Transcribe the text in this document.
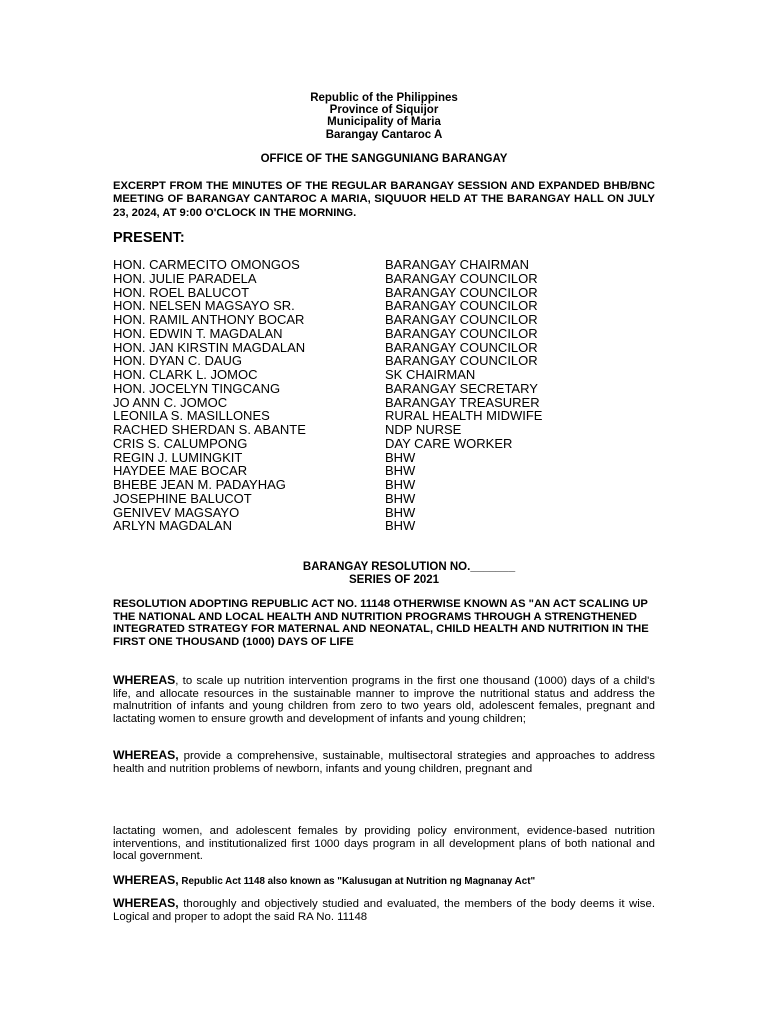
Republic of the Philippines
Province of Siquijor
Municipality of Maria
Barangay Cantaroc A
OFFICE OF THE SANGGUNIANG BARANGAY
EXCERPT FROM THE MINUTES OF THE REGULAR BARANGAY SESSION AND EXPANDED BHB/BNC MEETING OF BARANGAY CANTAROC A MARIA, SIQUUOR HELD AT THE BARANGAY HALL ON JULY 23, 2024, AT 9:00 O'CLOCK IN THE MORNING.
PRESENT:
HON. CARMECITO OMONGOS	BARANGAY CHAIRMAN
HON. JULIE PARADELA	BARANGAY COUNCILOR
HON. ROEL BALUCOT	BARANGAY COUNCILOR
HON. NELSEN MAGSAYO SR.	BARANGAY COUNCILOR
HON. RAMIL ANTHONY BOCAR	BARANGAY COUNCILOR
HON. EDWIN T. MAGDALAN	BARANGAY COUNCILOR
HON. JAN KIRSTIN MAGDALAN	BARANGAY COUNCILOR
HON. DYAN C. DAUG	BARANGAY COUNCILOR
HON. CLARK L. JOMOC	SK CHAIRMAN
HON. JOCELYN TINGCANG	BARANGAY SECRETARY
JO ANN C. JOMOC	BARANGAY TREASURER
LEONILA S. MASILLONES	RURAL HEALTH MIDWIFE
RACHED SHERDAN S. ABANTE	NDP NURSE
CRIS S. CALUMPONG	DAY CARE WORKER
REGIN J. LUMINGKIT	BHW
HAYDEE MAE BOCAR	BHW
BHEBE JEAN M. PADAYHAG	BHW
JOSEPHINE BALUCOT	BHW
GENIVEV MAGSAYO	BHW
ARLYN MAGDALAN	BHW
BARANGAY RESOLUTION NO._______
SERIES OF 2021
RESOLUTION ADOPTING REPUBLIC ACT NO. 11148 OTHERWISE KNOWN AS "AN ACT SCALING UP THE NATIONAL AND LOCAL HEALTH AND NUTRITION PROGRAMS THROUGH A STRENGTHENED INTEGRATED STRATEGY FOR MATERNAL AND NEONATAL, CHILD HEALTH AND NUTRITION IN THE FIRST ONE THOUSAND (1000) DAYS OF LIFE
WHEREAS, to scale up nutrition intervention programs in the first one thousand (1000) days of a child's life, and allocate resources in the sustainable manner to improve the nutritional status and address the malnutrition of infants and young children from zero to two years old, adolescent females, pregnant and lactating women to ensure growth and development of infants and young children;
WHEREAS, provide a comprehensive, sustainable, multisectoral strategies and approaches to address health and nutrition problems of newborn, infants and young children, pregnant and
lactating women, and adolescent females by providing policy environment, evidence-based nutrition interventions, and institutionalized first 1000 days program in all development plans of both national and local government.
WHEREAS, Republic Act 1148 also known as "Kalusugan at Nutrition ng Magnanay Act"
WHEREAS, thoroughly and objectively studied and evaluated, the members of the body deems it wise. Logical and proper to adopt the said RA No. 11148
